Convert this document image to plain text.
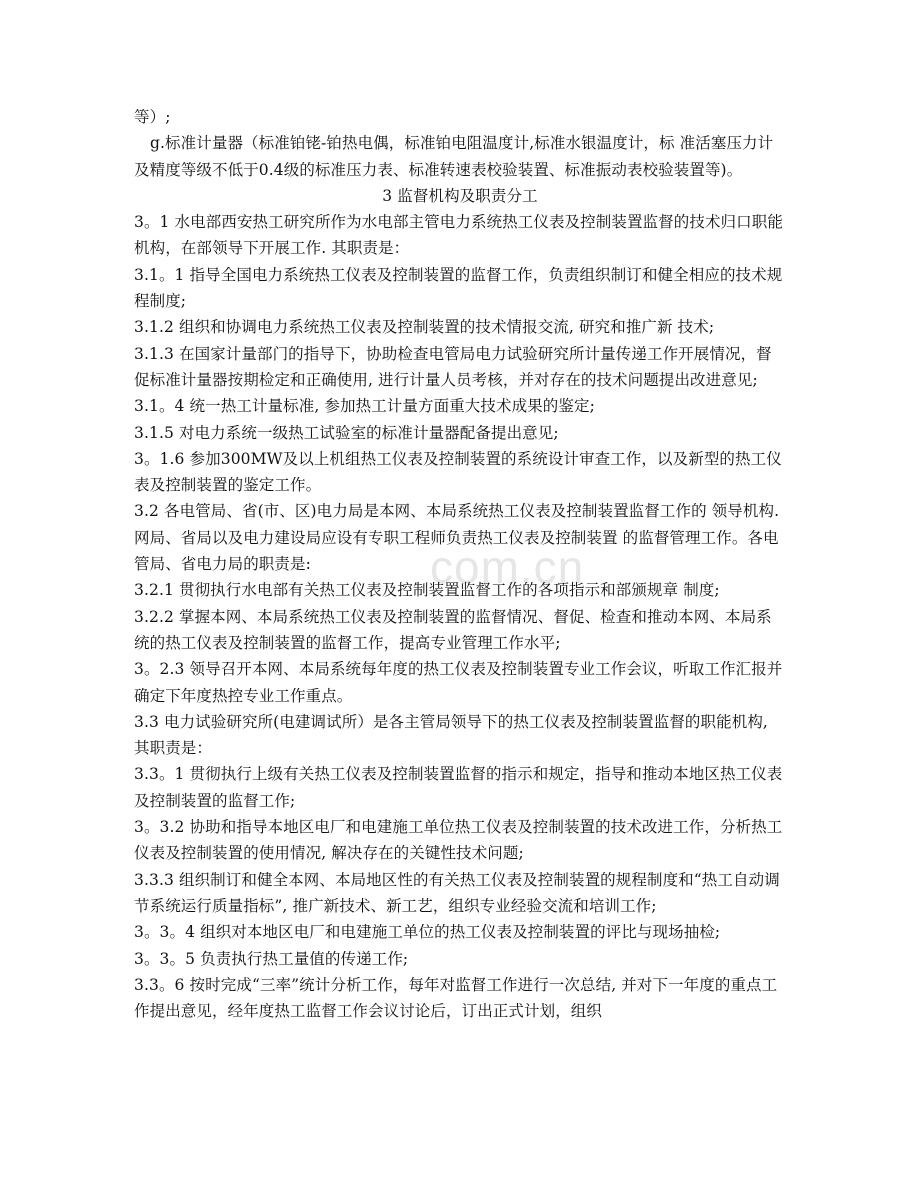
com.cn

等）;

g.标准计量器（标准铂铑-铂热电偶，标准铂电阻温度计,标准水银温度计，标 准活塞压力计及精度等级不低于0.4级的标准压力表、标准转速表校验装置、标准振动表校验装置等)。

3 监督机构及职责分工

3。1 水电部西安热工研究所作为水电部主管电力系统热工仪表及控制装置监督的技术归口职能机构，在部领导下开展工作. 其职责是：

3.1。1 指导全国电力系统热工仪表及控制装置的监督工作，负责组织制订和健全相应的技术规程制度;

3.1.2 组织和协调电力系统热工仪表及控制装置的技术情报交流, 研究和推广新 技术;

3.1.3 在国家计量部门的指导下，协助检查电管局电力试验研究所计量传递工作开展情况，督促标准计量器按期检定和正确使用, 进行计量人员考核，并对存在的技术问题提出改进意见;

3.1。4 统一热工计量标准, 参加热工计量方面重大技术成果的鉴定;

3.1.5 对电力系统一级热工试验室的标准计量器配备提出意见;

3。1.6 参加300MW及以上机组热工仪表及控制装置的系统设计审查工作，以及新型的热工仪表及控制装置的鉴定工作。

3.2 各电管局、省(市、区)电力局是本网、本局系统热工仪表及控制装置监督工作的 领导机构. 网局、省局以及电力建设局应设有专职工程师负责热工仪表及控制装置 的监督管理工作。各电管局、省电力局的职责是:

3.2.1 贯彻执行水电部有关热工仪表及控制装置监督工作的各项指示和部颁规章 制度;

3.2.2 掌握本网、本局系统热工仪表及控制装置的监督情况、督促、检查和推动本网、本局系统的热工仪表及控制装置的监督工作，提高专业管理工作水平;

3。2.3 领导召开本网、本局系统每年度的热工仪表及控制装置专业工作会议，听取工作汇报并确定下年度热控专业工作重点。

3.3 电力试验研究所(电建调试所）是各主管局领导下的热工仪表及控制装置监督的职能机构, 其职责是：

3.3。1 贯彻执行上级有关热工仪表及控制装置监督的指示和规定，指导和推动本地区热工仪表及控制装置的监督工作;

3。3.2 协助和指导本地区电厂和电建施工单位热工仪表及控制装置的技术改进工作，分析热工仪表及控制装置的使用情况, 解决存在的关键性技术问题;

3.3.3 组织制订和健全本网、本局地区性的有关热工仪表及控制装置的规程制度和“热工自动调节系统运行质量指标”, 推广新技术、新工艺，组织专业经验交流和培训工作;

3。3。4 组织对本地区电厂和电建施工单位的热工仪表及控制装置的评比与现场抽检;

3。3。5 负责执行热工量值的传递工作;

3.3。6 按时完成“三率”统计分析工作，每年对监督工作进行一次总结, 并对下一年度的重点工作提出意见，经年度热工监督工作会议讨论后，订出正式计划，组织
